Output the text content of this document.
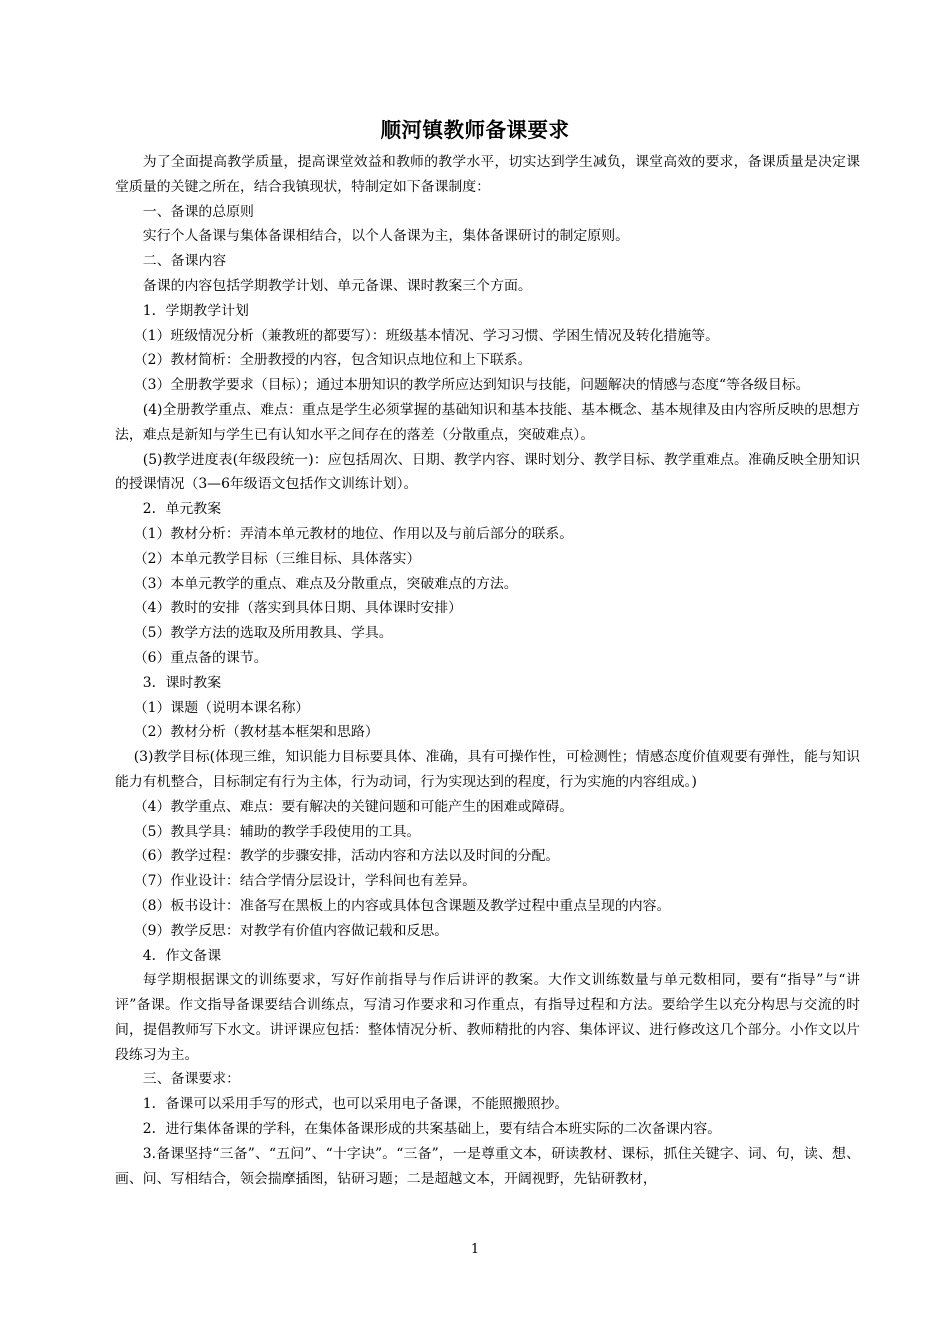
顺河镇教师备课要求

为了全面提高教学质量，提高课堂效益和教师的教学水平，切实达到学生减负，课堂高效的要求，备课质量是决定课堂质量的关键之所在，结合我镇现状，特制定如下备课制度：

一、备课的总原则

实行个人备课与集体备课相结合，以个人备课为主，集体备课研讨的制定原则。

二、备课内容

备课的内容包括学期教学计划、单元备课、课时教案三个方面。

1．学期教学计划

（1）班级情况分析（兼教班的都要写）：班级基本情况、学习习惯、学困生情况及转化措施等。

（2）教材简析：全册教授的内容，包含知识点地位和上下联系。

（3）全册教学要求（目标）；通过本册知识的教学所应达到知识与技能，问题解决的情感与态度“等各级目标。

(4)全册教学重点、难点：重点是学生必须掌握的基础知识和基本技能、基本概念、基本规律及由内容所反映的思想方法，难点是新知与学生已有认知水平之间存在的落差（分散重点，突破难点）。

(5)教学进度表(年级段统一)：应包括周次、日期、教学内容、课时划分、教学目标、教学重难点。准确反映全册知识的授课情况（3—6年级语文包括作文训练计划）。

2．单元教案

（1）教材分析：弄清本单元教材的地位、作用以及与前后部分的联系。

（2）本单元教学目标（三维目标、具体落实）

（3）本单元教学的重点、难点及分散重点，突破难点的方法。

（4）教时的安排（落实到具体日期、具体课时安排）

（5）教学方法的选取及所用教具、学具。

（6）重点备的课节。

3．课时教案

（1）课题（说明本课名称）

（2）教材分析（教材基本框架和思路）

(3)教学目标(体现三维，知识能力目标要具体、准确，具有可操作性，可检测性；情感态度价值观要有弹性，能与知识能力有机整合，目标制定有行为主体，行为动词，行为实现达到的程度，行为实施的内容组成。)

（4）教学重点、难点：要有解决的关键问题和可能产生的困难或障碍。

（5）教具学具：辅助的教学手段使用的工具。

（6）教学过程：教学的步骤安排，活动内容和方法以及时间的分配。

（7）作业设计：结合学情分层设计，学科间也有差异。

（8）板书设计：准备写在黑板上的内容或具体包含课题及教学过程中重点呈现的内容。

（9）教学反思：对教学有价值内容做记载和反思。

4．作文备课

每学期根据课文的训练要求，写好作前指导与作后讲评的教案。大作文训练数量与单元数相同，要有“指导”与“讲评”备课。作文指导备课要结合训练点，写清习作要求和习作重点，有指导过程和方法。要给学生以充分构思与交流的时间，提倡教师写下水文。讲评课应包括：整体情况分析、教师精批的内容、集体评议、进行修改这几个部分。小作文以片段练习为主。

三、备课要求：

1．备课可以采用手写的形式，也可以采用电子备课，不能照搬照抄。

2．进行集体备课的学科，在集体备课形成的共案基础上，要有结合本班实际的二次备课内容。

3.备课坚持“三备”、“五问”、“十字诀”。“三备”，一是尊重文本，研读教材、课标，抓住关键字、词、句，读、想、画、问、写相结合，领会揣摩插图，钻研习题；二是超越文本，开阔视野，先钻研教材，

1
